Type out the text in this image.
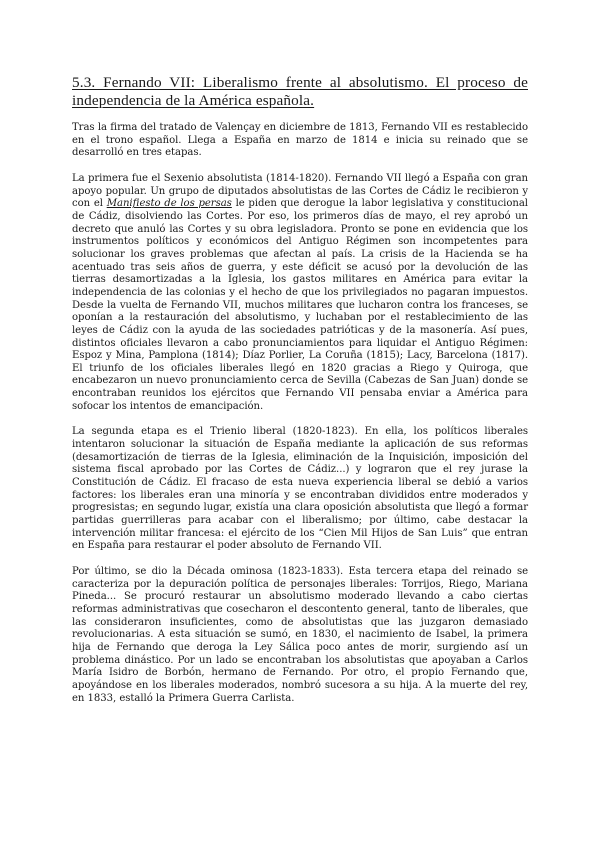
5.3. Fernando VII: Liberalismo frente al absolutismo. El proceso de independencia de la América española.

Tras la firma del tratado de Valençay en diciembre de 1813, Fernando VII es restablecido en el trono español. Llega a España en marzo de 1814 e inicia su reinado que se desarrolló en tres etapas.

La primera fue el Sexenio absolutista (1814-1820). Fernando VII llegó a España con gran apoyo popular. Un grupo de diputados absolutistas de las Cortes de Cádiz le recibieron y con el Manifiesto de los persas le piden que derogue la labor legislativa y constitucional de Cádiz, disolviendo las Cortes. Por eso, los primeros días de mayo, el rey aprobó un decreto que anuló las Cortes y su obra legisladora. Pronto se pone en evidencia que los instrumentos políticos y económicos del Antiguo Régimen son incompetentes para solucionar los graves problemas que afectan al país. La crisis de la Hacienda se ha acentuado tras seis años de guerra, y este déficit se acusó por la devolución de las tierras desamortizadas a la Iglesia, los gastos militares en América para evitar la independencia de las colonias y el hecho de que los privilegiados no pagaran impuestos. Desde la vuelta de Fernando VII, muchos militares que lucharon contra los franceses, se oponían a la restauración del absolutismo, y luchaban por el restablecimiento de las leyes de Cádiz con la ayuda de las sociedades patrióticas y de la masonería. Así pues, distintos oficiales llevaron a cabo pronunciamientos para liquidar el Antiguo Régimen: Espoz y Mina, Pamplona (1814); Díaz Porlier, La Coruña (1815); Lacy, Barcelona (1817). El triunfo de los oficiales liberales llegó en 1820 gracias a Riego y Quiroga, que encabezaron un nuevo pronunciamiento cerca de Sevilla (Cabezas de San Juan) donde se encontraban reunidos los ejércitos que Fernando VII pensaba enviar a América para sofocar los intentos de emancipación.

La segunda etapa es el Trienio liberal (1820-1823). En ella, los políticos liberales intentaron solucionar la situación de España mediante la aplicación de sus reformas (desamortización de tierras de la Iglesia, eliminación de la Inquisición, imposición del sistema fiscal aprobado por las Cortes de Cádiz...) y lograron que el rey jurase la Constitución de Cádiz. El fracaso de esta nueva experiencia liberal se debió a varios factores: los liberales eran una minoría y se encontraban divididos entre moderados y progresistas; en segundo lugar, existía una clara oposición absolutista que llegó a formar partidas guerrilleras para acabar con el liberalismo; por último, cabe destacar la intervención militar francesa: el ejército de los “Cien Mil Hijos de San Luis” que entran en España para restaurar el poder absoluto de Fernando VII.

Por último, se dio la Década ominosa (1823-1833). Esta tercera etapa del reinado se caracteriza por la depuración política de personajes liberales: Torrijos, Riego, Mariana Pineda... Se procuró restaurar un absolutismo moderado llevando a cabo ciertas reformas administrativas que cosecharon el descontento general, tanto de liberales, que las consideraron insuficientes, como de absolutistas que las juzgaron demasiado revolucionarias. A esta situación se sumó, en 1830, el nacimiento de Isabel, la primera hija de Fernando que deroga la Ley Sálica poco antes de morir, surgiendo así un problema dinástico. Por un lado se encontraban los absolutistas que apoyaban a Carlos María Isidro de Borbón, hermano de Fernando. Por otro, el propio Fernando que, apoyándose en los liberales moderados, nombró sucesora a su hija. A la muerte del rey, en 1833, estalló la Primera Guerra Carlista.
